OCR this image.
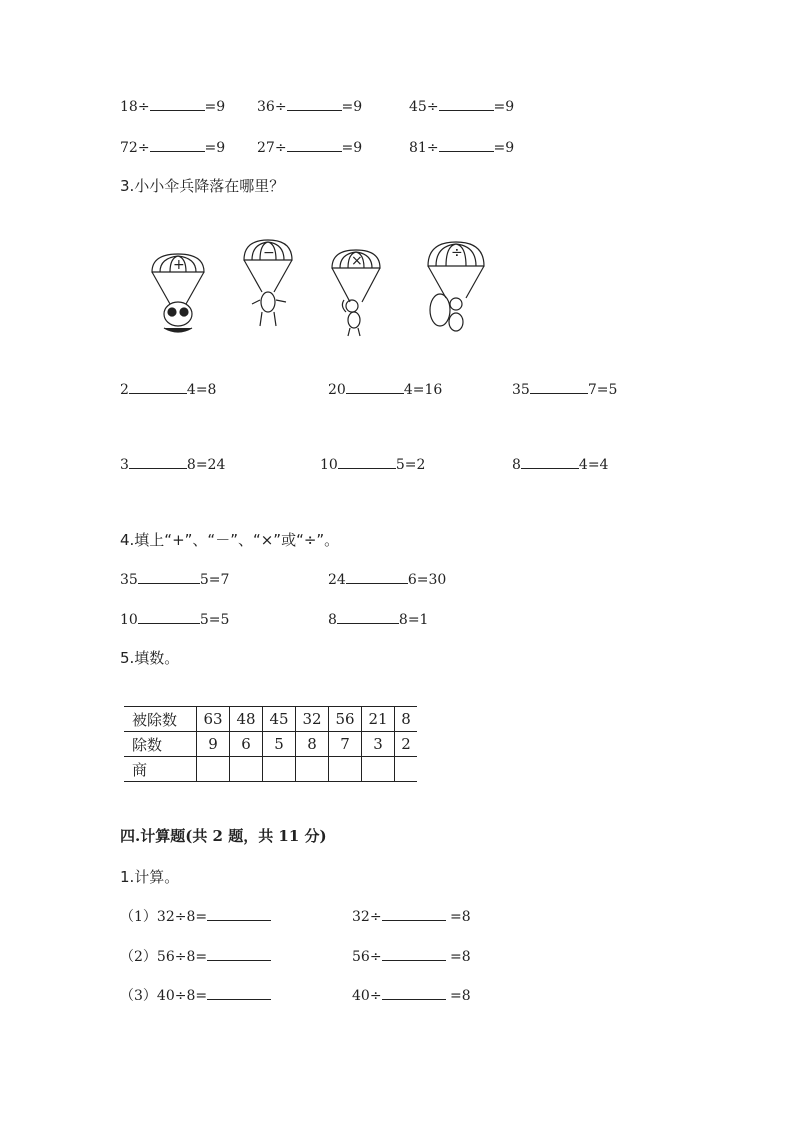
18÷	=9 36÷	=9	45÷	=9
72÷	=9 27÷	=9	81÷	=9
3.小小伞兵降落在哪里？
+
−	×	÷
2	4=8	20	4=16	35	7=5
3	8=24	10	5=2	8	4=4
4.填上“+”、“－”、“×”或“÷”。
35	5=7	24	6=30
10	5=5	8	8=1
5.填数。
被除数	63	48	45	32	56	21	8
除数	9	6	5	8	7	3	2
商							
四.计算题(共 2 题，共 11 分)
1.计算。
（1）32÷8=	32÷	=8
（2）56÷8=	56÷	=8
（3）40÷8=	40÷	=8
